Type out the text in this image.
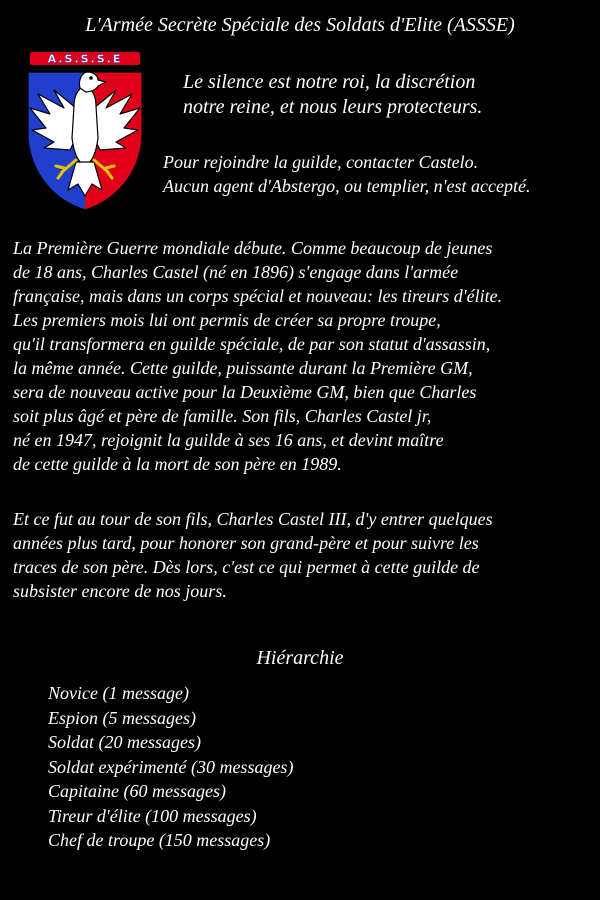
L'Armée Secrète Spéciale des Soldats d'Elite (ASSSE)
A.S.S.S.E
Le silence est notre roi, la discrétion
notre reine, et nous leurs protecteurs.
Pour rejoindre la guilde, contacter Castelo.
Aucun agent d'Abstergo, ou templier, n'est accepté.
La Première Guerre mondiale débute. Comme beaucoup de jeunes
de 18 ans, Charles Castel (né en 1896) s'engage dans l'armée
française, mais dans un corps spécial et nouveau: les tireurs d'élite.
Les premiers mois lui ont permis de créer sa propre troupe,
qu'il transformera en guilde spéciale, de par son statut d'assassin,
la même année. Cette guilde, puissante durant la Première GM,
sera de nouveau active pour la Deuxième GM, bien que Charles
soit plus âgé et père de famille. Son fils, Charles Castel jr,
né en 1947, rejoignit la guilde à ses 16 ans, et devint maître
de cette guilde à la mort de son père en 1989.
Et ce fut au tour de son fils, Charles Castel III, d'y entrer quelques
années plus tard, pour honorer son grand-père et pour suivre les
traces de son père. Dès lors, c'est ce qui permet à cette guilde de
subsister encore de nos jours.
Hiérarchie
Novice (1 message)
Espion (5 messages)
Soldat (20 messages)
Soldat expérimenté (30 messages)
Capitaine (60 messages)
Tireur d'élite (100 messages)
Chef de troupe (150 messages)
